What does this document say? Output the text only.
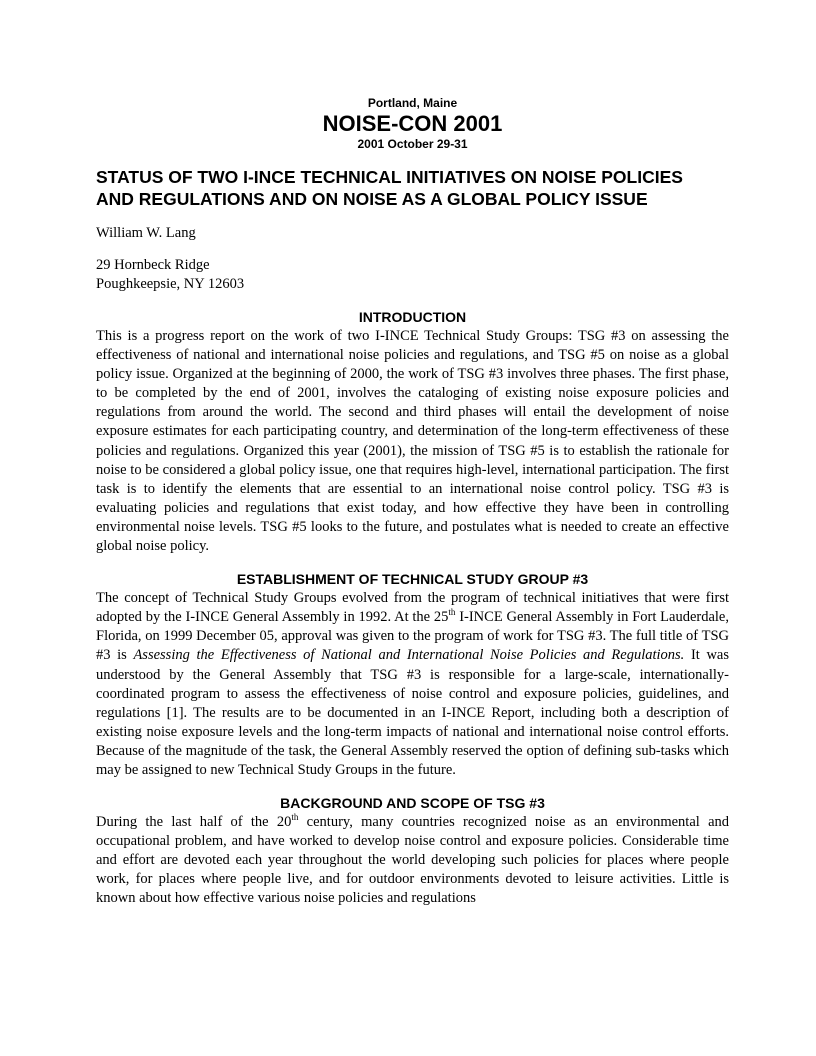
Portland, Maine
NOISE-CON 2001
2001 October 29-31
STATUS OF TWO I-INCE TECHNICAL INITIATIVES ON NOISE POLICIES
AND REGULATIONS AND ON NOISE AS A GLOBAL POLICY ISSUE
William W. Lang
29 Hornbeck Ridge
Poughkeepsie, NY 12603
INTRODUCTION
This is a progress report on the work of two I-INCE Technical Study Groups: TSG #3 on assessing the effectiveness of national and international noise policies and regulations, and TSG #5 on noise as a global policy issue. Organized at the beginning of 2000, the work of TSG #3 involves three phases. The first phase, to be completed by the end of 2001, involves the cataloging of existing noise exposure policies and regulations from around the world. The second and third phases will entail the development of noise exposure estimates for each participating country, and determination of the long-term effectiveness of these policies and regulations. Organized this year (2001), the mission of TSG #5 is to establish the rationale for noise to be considered a global policy issue, one that requires high-level, international participation. The first task is to identify the elements that are essential to an international noise control policy. TSG #3 is evaluating policies and regulations that exist today, and how effective they have been in controlling environmental noise levels. TSG #5 looks to the future, and postulates what is needed to create an effective global noise policy.
ESTABLISHMENT OF TECHNICAL STUDY GROUP #3
The concept of Technical Study Groups evolved from the program of technical initiatives that were first adopted by the I-INCE General Assembly in 1992. At the 25th I-INCE General Assembly in Fort Lauderdale, Florida, on 1999 December 05, approval was given to the program of work for TSG #3. The full title of TSG #3 is Assessing the Effectiveness of National and International Noise Policies and Regulations. It was understood by the General Assembly that TSG #3 is responsible for a large-scale, internationally-coordinated program to assess the effectiveness of noise control and exposure policies, guidelines, and regulations [1]. The results are to be documented in an I-INCE Report, including both a description of existing noise exposure levels and the long-term impacts of national and international noise control efforts. Because of the magnitude of the task, the General Assembly reserved the option of defining sub-tasks which may be assigned to new Technical Study Groups in the future.
BACKGROUND AND SCOPE OF TSG #3
During the last half of the 20th century, many countries recognized noise as an environmental and occupational problem, and have worked to develop noise control and exposure policies. Considerable time and effort are devoted each year throughout the world developing such policies for places where people work, for places where people live, and for outdoor environments devoted to leisure activities. Little is known about how effective various noise policies and regulations
